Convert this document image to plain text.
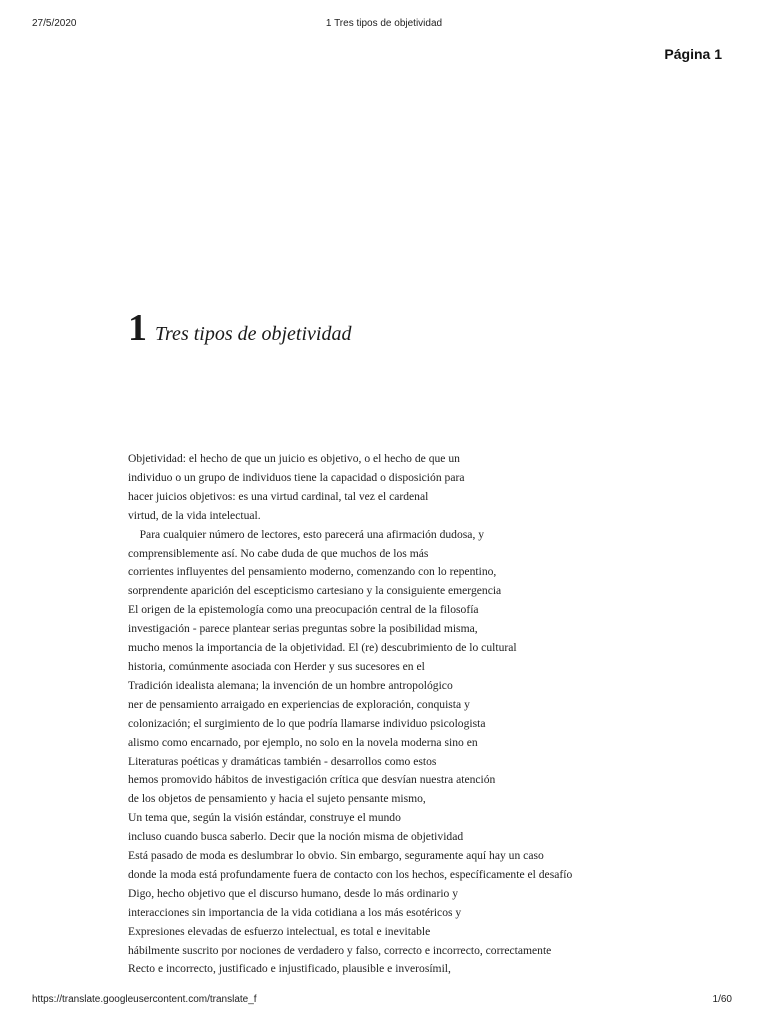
27/5/2020	1 Tres tipos de objetividad
Página 1
1 Tres tipos de objetividad
Objetividad: el hecho de que un juicio es objetivo, o el hecho de que un
individuo o un grupo de individuos tiene la capacidad o disposición para
hacer juicios objetivos: es una virtud cardinal, tal vez el cardenal
virtud, de la vida intelectual.
Para cualquier número de lectores, esto parecerá una afirmación dudosa, y
comprensiblemente así. No cabe duda de que muchos de los más
corrientes influyentes del pensamiento moderno, comenzando con lo repentino,
sorprendente aparición del escepticismo cartesiano y la consiguiente emergencia
El origen de la epistemología como una preocupación central de la filosofía
investigación - parece plantear serias preguntas sobre la posibilidad misma,
mucho menos la importancia de la objetividad. El (re) descubrimiento de lo cultural
historia, comúnmente asociada con Herder y sus sucesores en el
Tradición idealista alemana; la invención de un hombre antropológico
ner de pensamiento arraigado en experiencias de exploración, conquista y
colonización; el surgimiento de lo que podría llamarse individuo psicologista
alismo como encarnado, por ejemplo, no solo en la novela moderna sino en
Literaturas poéticas y dramáticas también - desarrollos como estos
hemos promovido hábitos de investigación crítica que desvían nuestra atención
de los objetos de pensamiento y hacia el sujeto pensante mismo,
Un tema que, según la visión estándar, construye el mundo
incluso cuando busca saberlo. Decir que la noción misma de objetividad
Está pasado de moda es deslumbrar lo obvio. Sin embargo, seguramente aquí hay un caso
donde la moda está profundamente fuera de contacto con los hechos, específicamente el desafío
Digo, hecho objetivo que el discurso humano, desde lo más ordinario y
interacciones sin importancia de la vida cotidiana a los más esotéricos y
Expresiones elevadas de esfuerzo intelectual, es total e inevitable
hábilmente suscrito por nociones de verdadero y falso, correcto e incorrecto, correctamente
Recto e incorrecto, justificado e injustificado, plausible e inverosímil,
https://translate.googleusercontent.com/translate_f	1/60
